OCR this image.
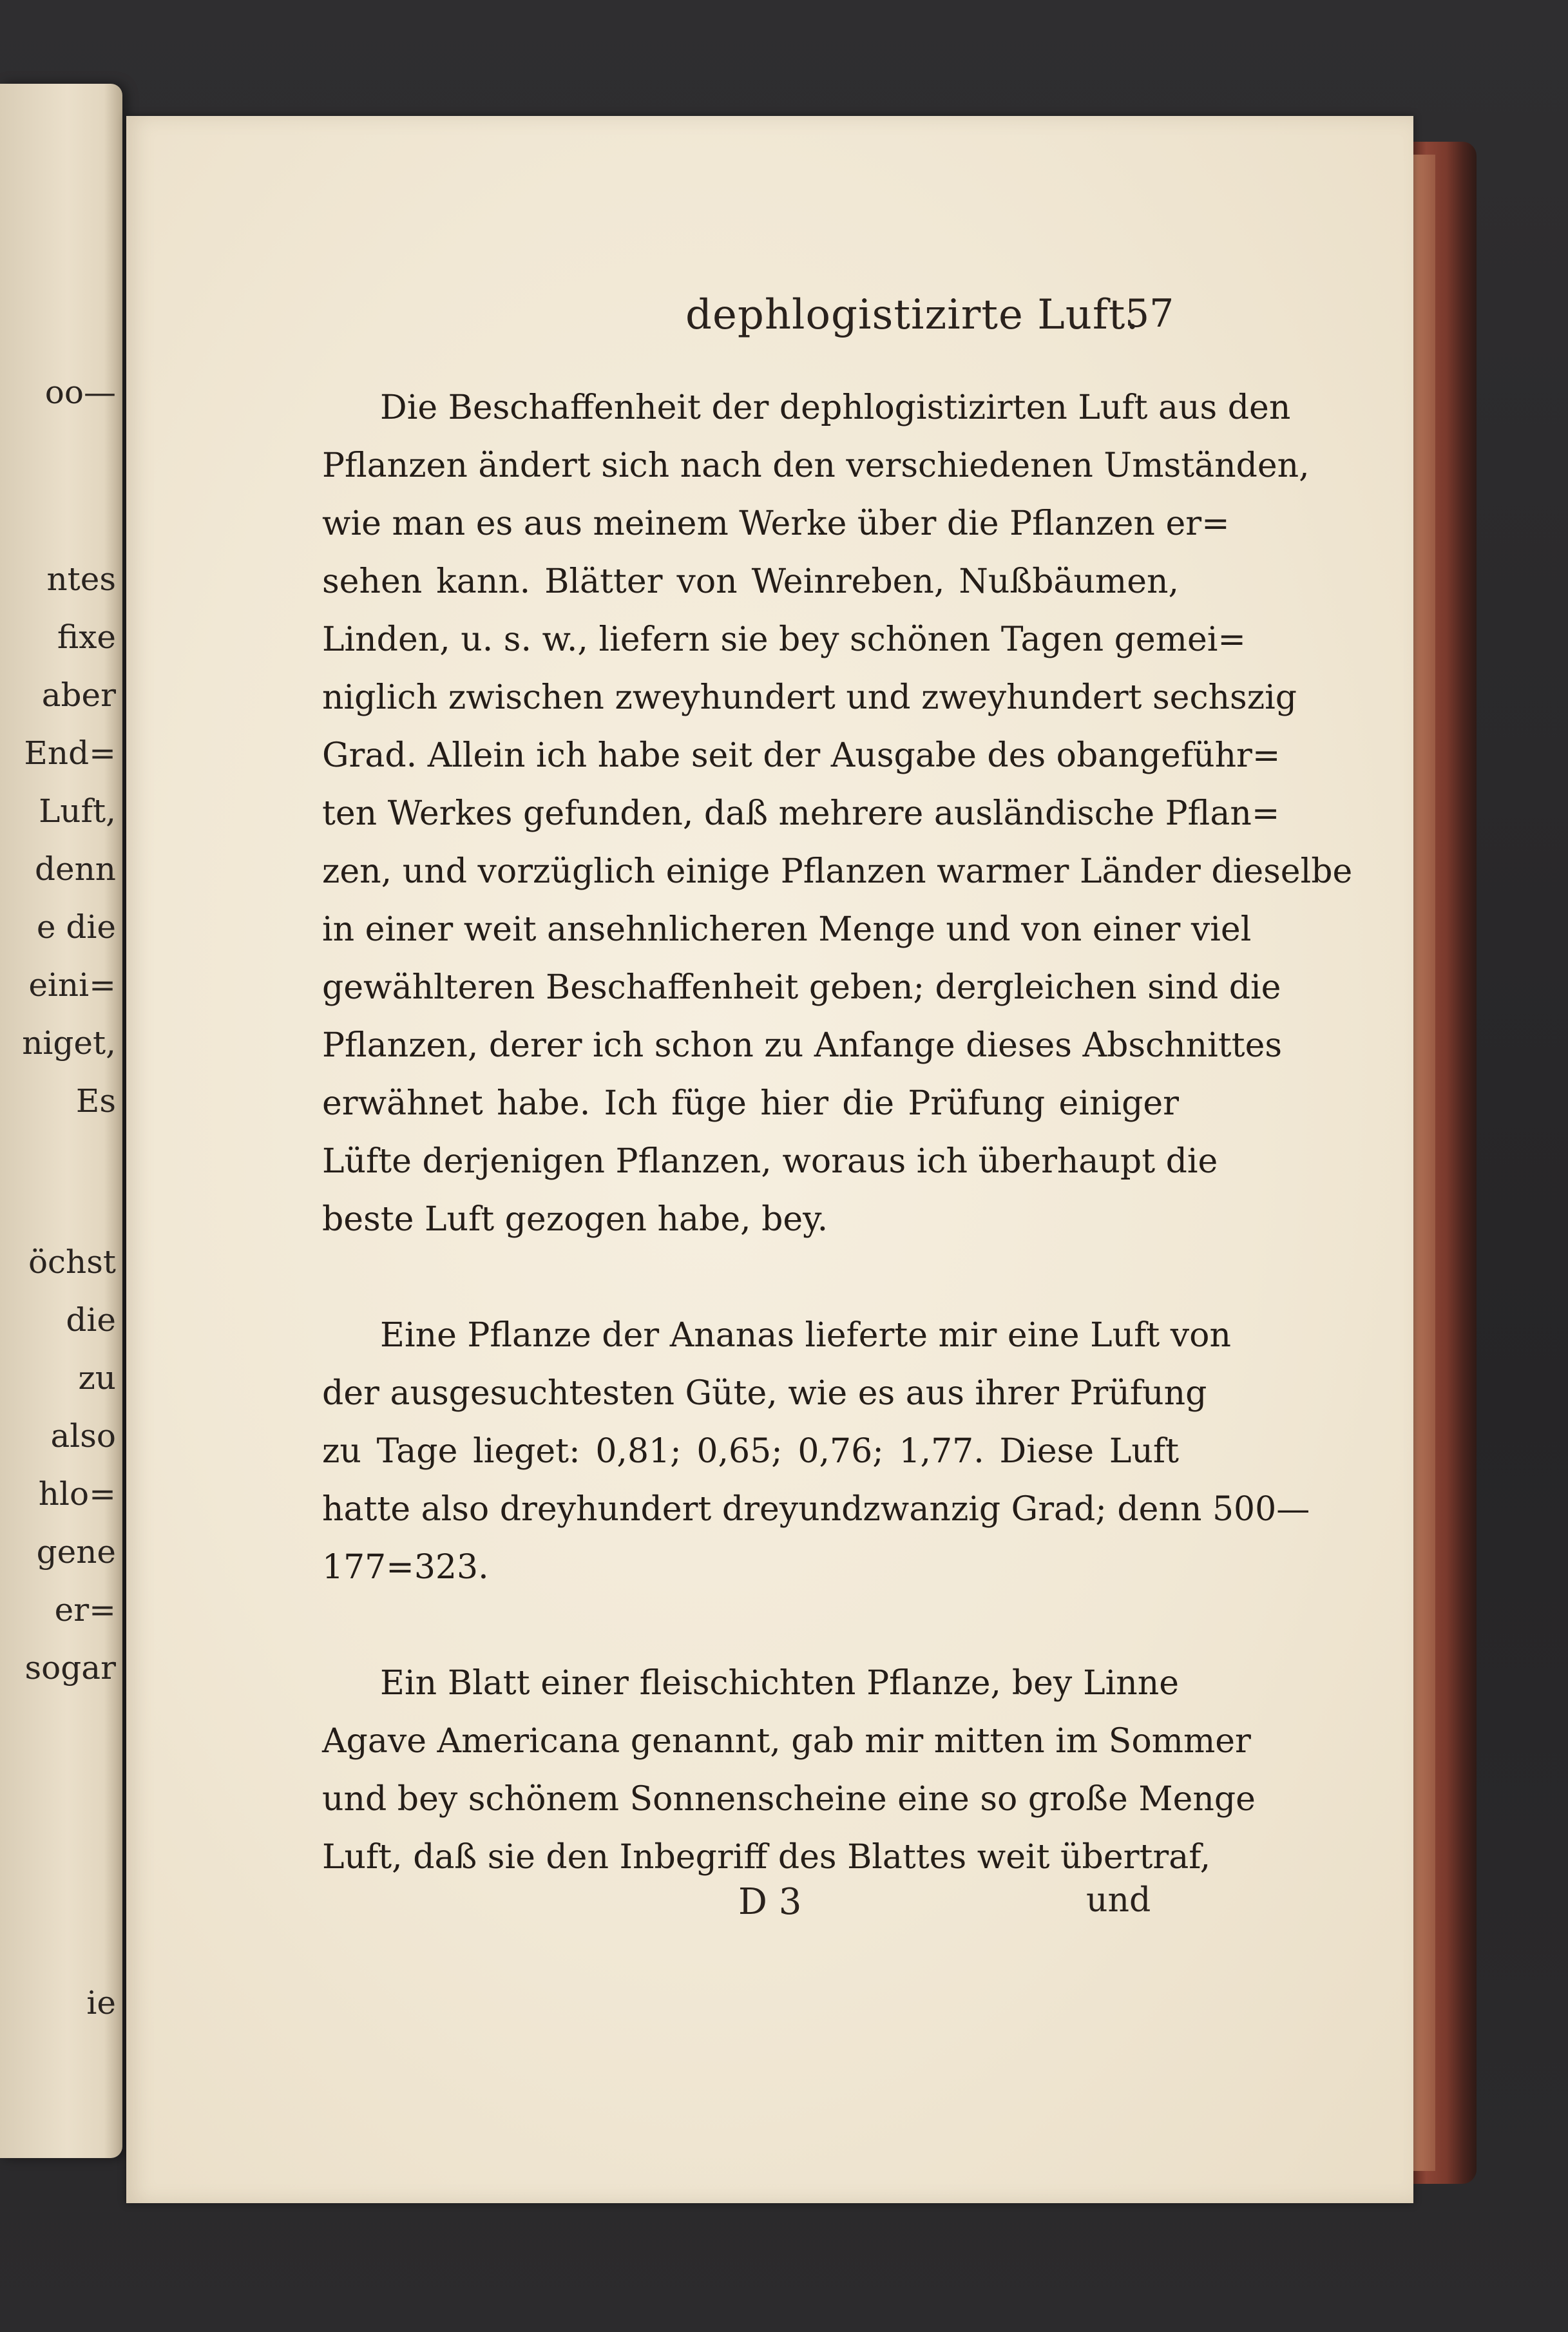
oo—
ntes
fixe
aber
End=
Luft,
denn
e die
eini=
niget,
Es
öchst
die
zu
also
hlo=
gene
er=
sogar
ie
dephlogistizirte Luft.
57

Die Beschaffenheit der dephlogistizirten Luft aus den
Pflanzen ändert sich nach den verschiedenen Umständen,
wie man es aus meinem Werke über die Pflanzen er=
sehen kann. Blätter von Weinreben, Nußbäumen,
Linden, u. s. w., liefern sie bey schönen Tagen gemei=
niglich zwischen zweyhundert und zweyhundert sechszig
Grad. Allein ich habe seit der Ausgabe des obangeführ=
ten Werkes gefunden, daß mehrere ausländische Pflan=
zen, und vorzüglich einige Pflanzen warmer Länder dieselbe
in einer weit ansehnlicheren Menge und von einer viel
gewählteren Beschaffenheit geben; dergleichen sind die
Pflanzen, derer ich schon zu Anfange dieses Abschnittes
erwähnet habe. Ich füge hier die Prüfung einiger
Lüfte derjenigen Pflanzen, woraus ich überhaupt die
beste Luft gezogen habe, bey.

Eine Pflanze der Ananas lieferte mir eine Luft von
der ausgesuchtesten Güte, wie es aus ihrer Prüfung
zu Tage lieget: 0,81; 0,65; 0,76; 1,77. Diese Luft
hatte also dreyhundert dreyundzwanzig Grad; denn 500—
177=323.

Ein Blatt einer fleischichten Pflanze, bey Linne
Agave Americana genannt, gab mir mitten im Sommer
und bey schönem Sonnenscheine eine so große Menge
Luft, daß sie den Inbegriff des Blattes weit übertraf,

D 3	und
